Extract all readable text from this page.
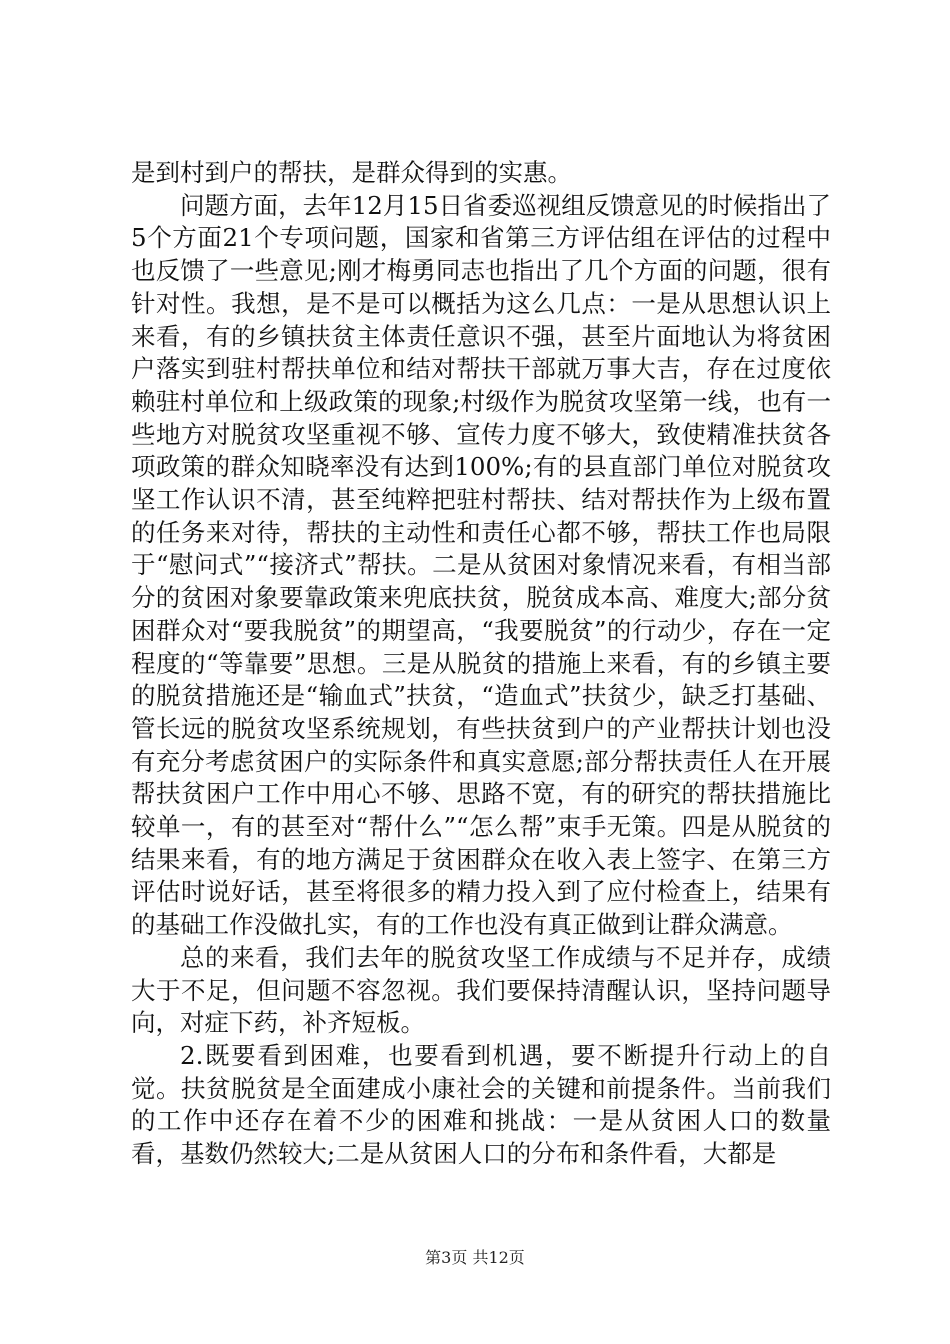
是到村到户的帮扶，是群众得到的实惠。

问题方面，去年12月15日省委巡视组反馈意见的时候指出了5个方面21个专项问题，国家和省第三方评估组在评估的过程中也反馈了一些意见;刚才梅勇同志也指出了几个方面的问题，很有针对性。我想，是不是可以概括为这么几点：一是从思想认识上来看，有的乡镇扶贫主体责任意识不强，甚至片面地认为将贫困户落实到驻村帮扶单位和结对帮扶干部就万事大吉，存在过度依赖驻村单位和上级政策的现象;村级作为脱贫攻坚第一线，也有一些地方对脱贫攻坚重视不够、宣传力度不够大，致使精准扶贫各项政策的群众知晓率没有达到100%;有的县直部门单位对脱贫攻坚工作认识不清，甚至纯粹把驻村帮扶、结对帮扶作为上级布置的任务来对待，帮扶的主动性和责任心都不够，帮扶工作也局限于“慰问式”“接济式”帮扶。二是从贫困对象情况来看，有相当部分的贫困对象要靠政策来兜底扶贫，脱贫成本高、难度大;部分贫困群众对“要我脱贫”的期望高，“我要脱贫”的行动少，存在一定程度的“等靠要”思想。三是从脱贫的措施上来看，有的乡镇主要的脱贫措施还是“输血式”扶贫，“造血式”扶贫少，缺乏打基础、管长远的脱贫攻坚系统规划，有些扶贫到户的产业帮扶计划也没有充分考虑贫困户的实际条件和真实意愿;部分帮扶责任人在开展帮扶贫困户工作中用心不够、思路不宽，有的研究的帮扶措施比较单一，有的甚至对“帮什么”“怎么帮”束手无策。四是从脱贫的结果来看，有的地方满足于贫困群众在收入表上签字、在第三方评估时说好话，甚至将很多的精力投入到了应付检查上，结果有的基础工作没做扎实，有的工作也没有真正做到让群众满意。

总的来看，我们去年的脱贫攻坚工作成绩与不足并存，成绩大于不足，但问题不容忽视。我们要保持清醒认识，坚持问题导向，对症下药，补齐短板。

2.既要看到困难，也要看到机遇，要不断提升行动上的自觉。扶贫脱贫是全面建成小康社会的关键和前提条件。当前我们的工作中还存在着不少的困难和挑战：一是从贫困人口的数量看，基数仍然较大;二是从贫困人口的分布和条件看，大都是

第3页 共12页
